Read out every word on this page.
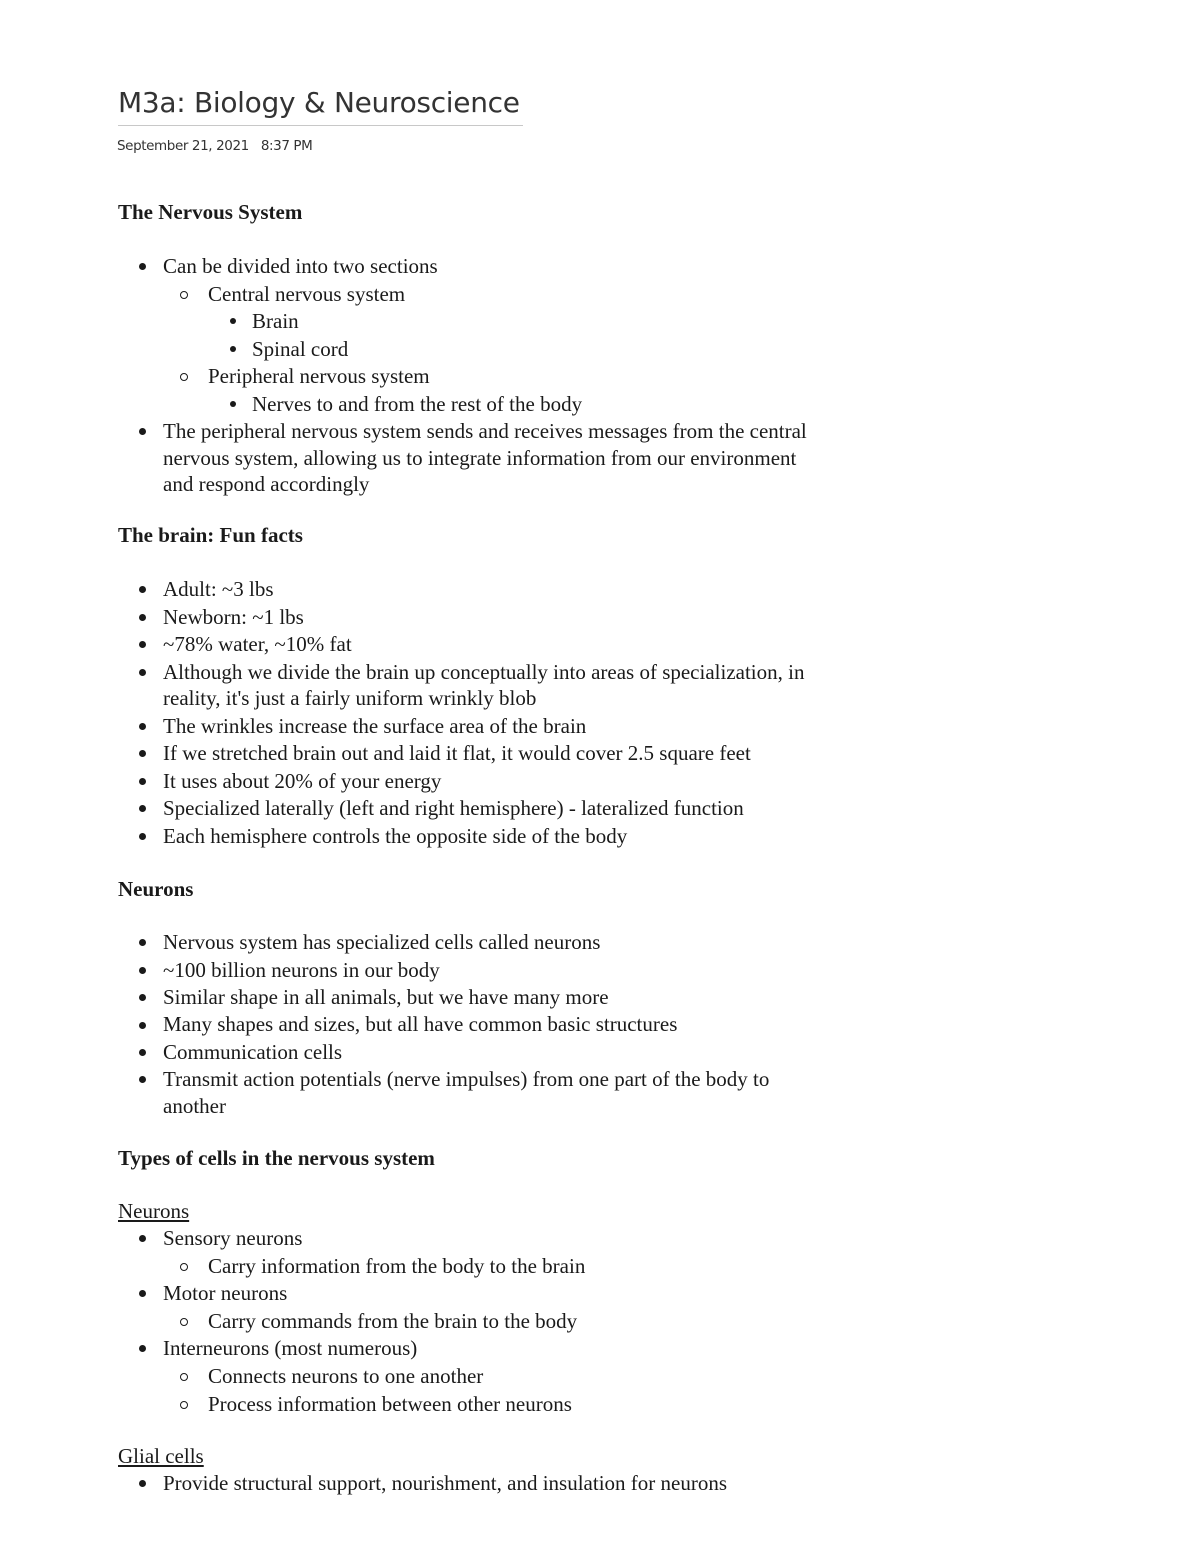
M3a: Biology & Neuroscience
September 21, 2021 8:37 PM
The Nervous System
Can be divided into two sections
Central nervous system
Brain
Spinal cord
Peripheral nervous system
Nerves to and from the rest of the body
The peripheral nervous system sends and receives messages from the central
nervous system, allowing us to integrate information from our environment
and respond accordingly
The brain: Fun facts
Adult: ~3 lbs
Newborn: ~1 lbs
~78% water, ~10% fat
Although we divide the brain up conceptually into areas of specialization, in
reality, it's just a fairly uniform wrinkly blob
The wrinkles increase the surface area of the brain
If we stretched brain out and laid it flat, it would cover 2.5 square feet
It uses about 20% of your energy
Specialized laterally (left and right hemisphere) - lateralized function
Each hemisphere controls the opposite side of the body
Neurons
Nervous system has specialized cells called neurons
~100 billion neurons in our body
Similar shape in all animals, but we have many more
Many shapes and sizes, but all have common basic structures
Communication cells
Transmit action potentials (nerve impulses) from one part of the body to
another
Types of cells in the nervous system
Neurons
Sensory neurons
Carry information from the body to the brain
Motor neurons
Carry commands from the brain to the body
Interneurons (most numerous)
Connects neurons to one another
Process information between other neurons
Glial cells
Provide structural support, nourishment, and insulation for neurons
